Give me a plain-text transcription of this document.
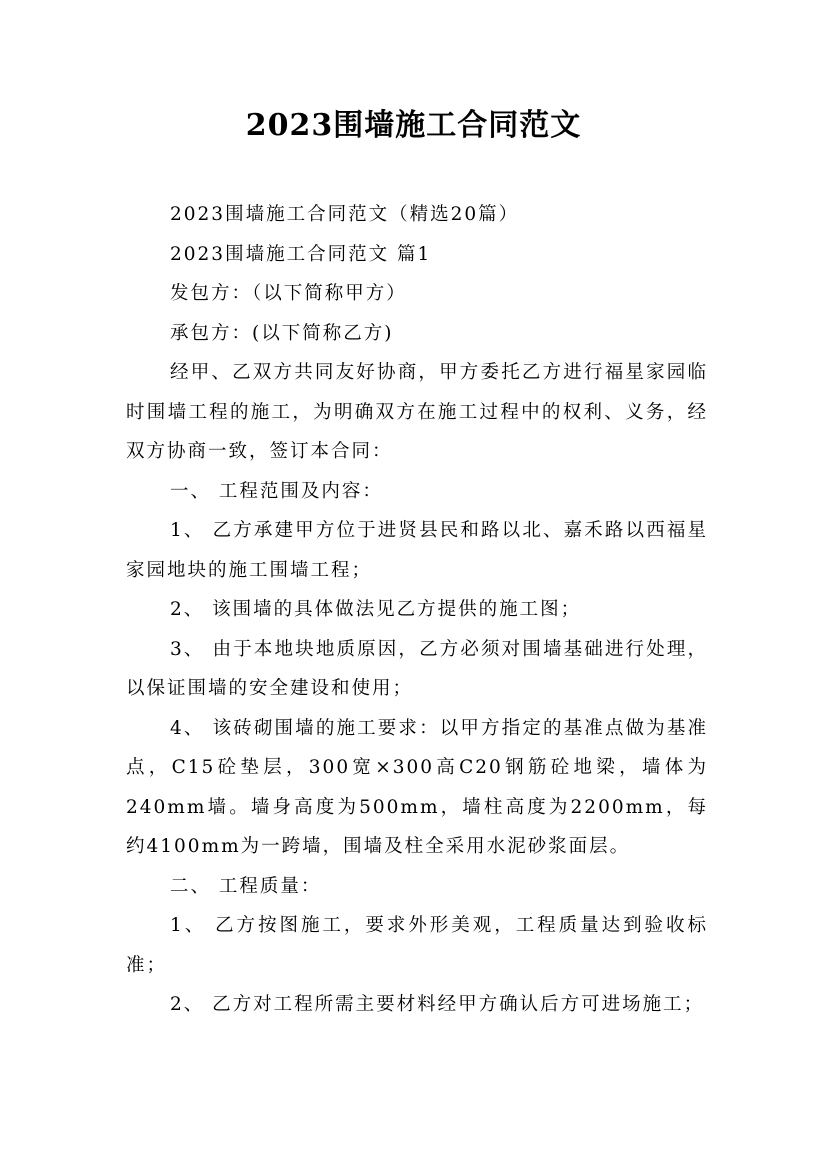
2023围墙施工合同范文

2023围墙施工合同范文（精选20篇）

2023围墙施工合同范文 篇1

发包方：（以下简称甲方）

承包方：(以下简称乙方)

经甲、乙双方共同友好协商，甲方委托乙方进行福星家园临时围墙工程的施工，为明确双方在施工过程中的权利、义务，经双方协商一致，签订本合同：

一、 工程范围及内容：

1、 乙方承建甲方位于进贤县民和路以北、嘉禾路以西福星家园地块的施工围墙工程；

2、 该围墙的具体做法见乙方提供的施工图；

3、 由于本地块地质原因，乙方必须对围墙基础进行处理，以保证围墙的安全建设和使用；

4、 该砖砌围墙的施工要求：以甲方指定的基准点做为基准点，C15砼垫层，300宽×300高C20钢筋砼地梁，墙体为240mm墙。墙身高度为500mm，墙柱高度为2200mm，每约4100mm为一跨墙，围墙及柱全采用水泥砂浆面层。

二、 工程质量：

1、 乙方按图施工，要求外形美观，工程质量达到验收标准；

2、 乙方对工程所需主要材料经甲方确认后方可进场施工；
